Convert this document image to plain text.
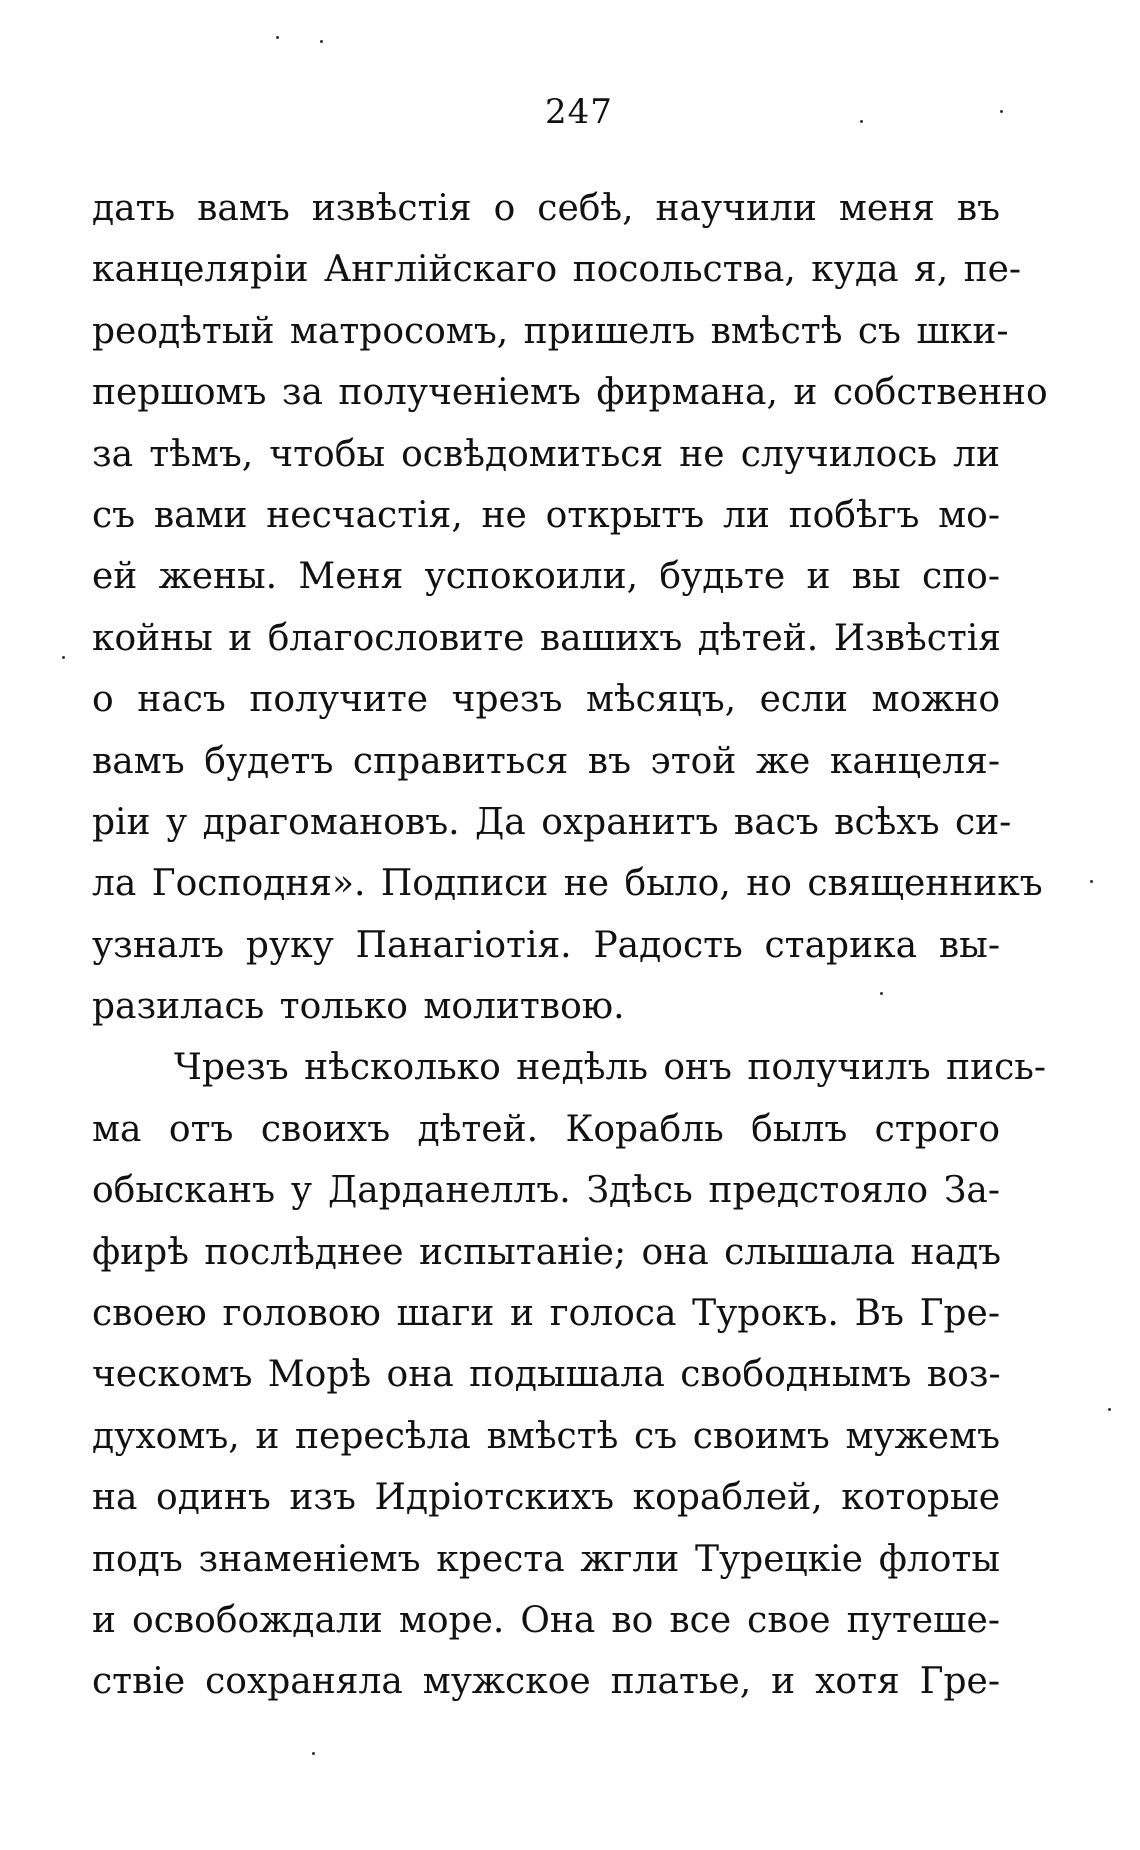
247
дать вамъ извѣстія о себѣ, научили меня въ
канцеляріи Англійскаго посольства, куда я, пе-
реодѣтый матросомъ, пришелъ вмѣстѣ съ шки-
першомъ за полученіемъ фирмана, и собственно
за тѣмъ, чтобы освѣдомиться не случилось ли
съ вами несчастія, не открытъ ли побѣгъ мо-
ей жены. Меня успокоили, будьте и вы спо-
койны и благословите вашихъ дѣтей. Извѣстія
о насъ получите чрезъ мѣсяцъ, если можно
вамъ будетъ справиться въ этой же канцеля-
ріи у драгомановъ. Да охранитъ васъ всѣхъ си-
ла Господня». Подписи не было, но священникъ
узналъ руку Панагіотія. Радость старика вы-
разилась только молитвою.
Чрезъ нѣсколько недѣль онъ получилъ пись-
ма отъ своихъ дѣтей. Корабль былъ строго
обысканъ у Дарданеллъ. Здѣсь предстояло За-
фирѣ послѣднее испытаніе; она слышала надъ
своею головою шаги и голоса Турокъ. Въ Гре-
ческомъ Морѣ она подышала свободнымъ воз-
духомъ, и пересѣла вмѣстѣ съ своимъ мужемъ
на одинъ изъ Идріотскихъ кораблей, которые
подъ знаменіемъ креста жгли Турецкіе флоты
и освобождали море. Она во все свое путеше-
ствіе сохраняла мужское платье, и хотя Гре-
